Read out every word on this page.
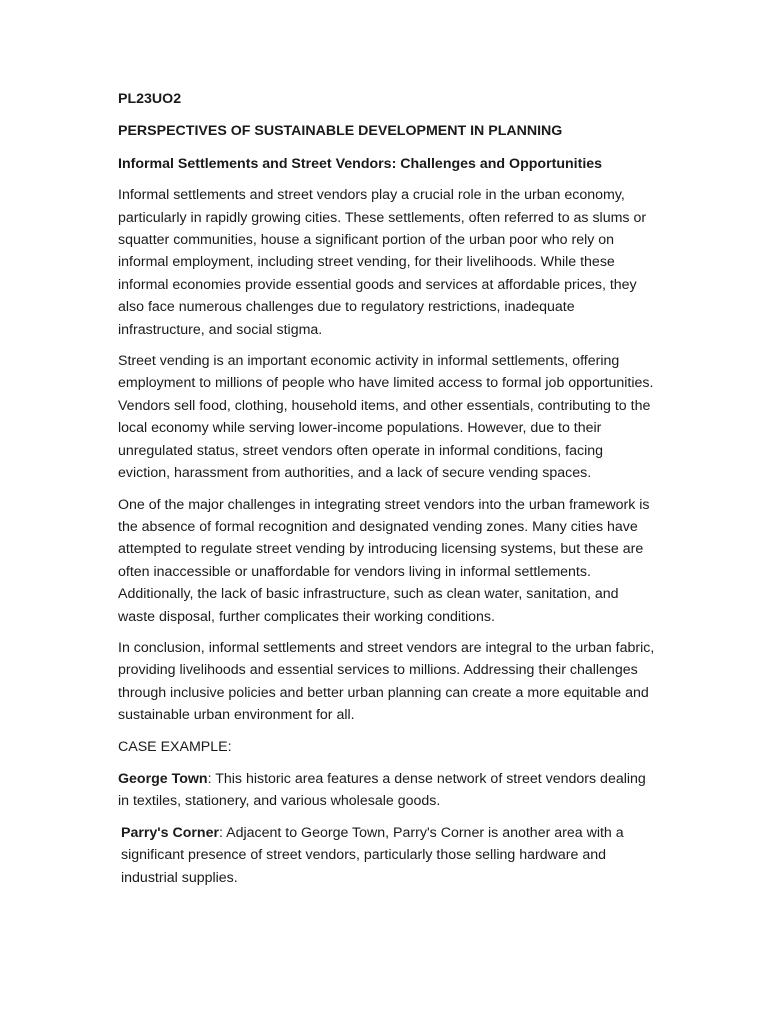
PL23UO2
PERSPECTIVES OF SUSTAINABLE DEVELOPMENT IN PLANNING
Informal Settlements and Street Vendors: Challenges and Opportunities

Informal settlements and street vendors play a crucial role in the urban economy, particularly in rapidly growing cities. These settlements, often referred to as slums or squatter communities, house a significant portion of the urban poor who rely on informal employment, including street vending, for their livelihoods. While these informal economies provide essential goods and services at affordable prices, they also face numerous challenges due to regulatory restrictions, inadequate infrastructure, and social stigma.

Street vending is an important economic activity in informal settlements, offering employment to millions of people who have limited access to formal job opportunities. Vendors sell food, clothing, household items, and other essentials, contributing to the local economy while serving lower-income populations. However, due to their unregulated status, street vendors often operate in informal conditions, facing eviction, harassment from authorities, and a lack of secure vending spaces.

One of the major challenges in integrating street vendors into the urban framework is the absence of formal recognition and designated vending zones. Many cities have attempted to regulate street vending by introducing licensing systems, but these are often inaccessible or unaffordable for vendors living in informal settlements. Additionally, the lack of basic infrastructure, such as clean water, sanitation, and waste disposal, further complicates their working conditions.

In conclusion, informal settlements and street vendors are integral to the urban fabric, providing livelihoods and essential services to millions. Addressing their challenges through inclusive policies and better urban planning can create a more equitable and sustainable urban environment for all.

CASE EXAMPLE:

George Town: This historic area features a dense network of street vendors dealing in textiles, stationery, and various wholesale goods.

Parry's Corner: Adjacent to George Town, Parry's Corner is another area with a significant presence of street vendors, particularly those selling hardware and industrial supplies.
